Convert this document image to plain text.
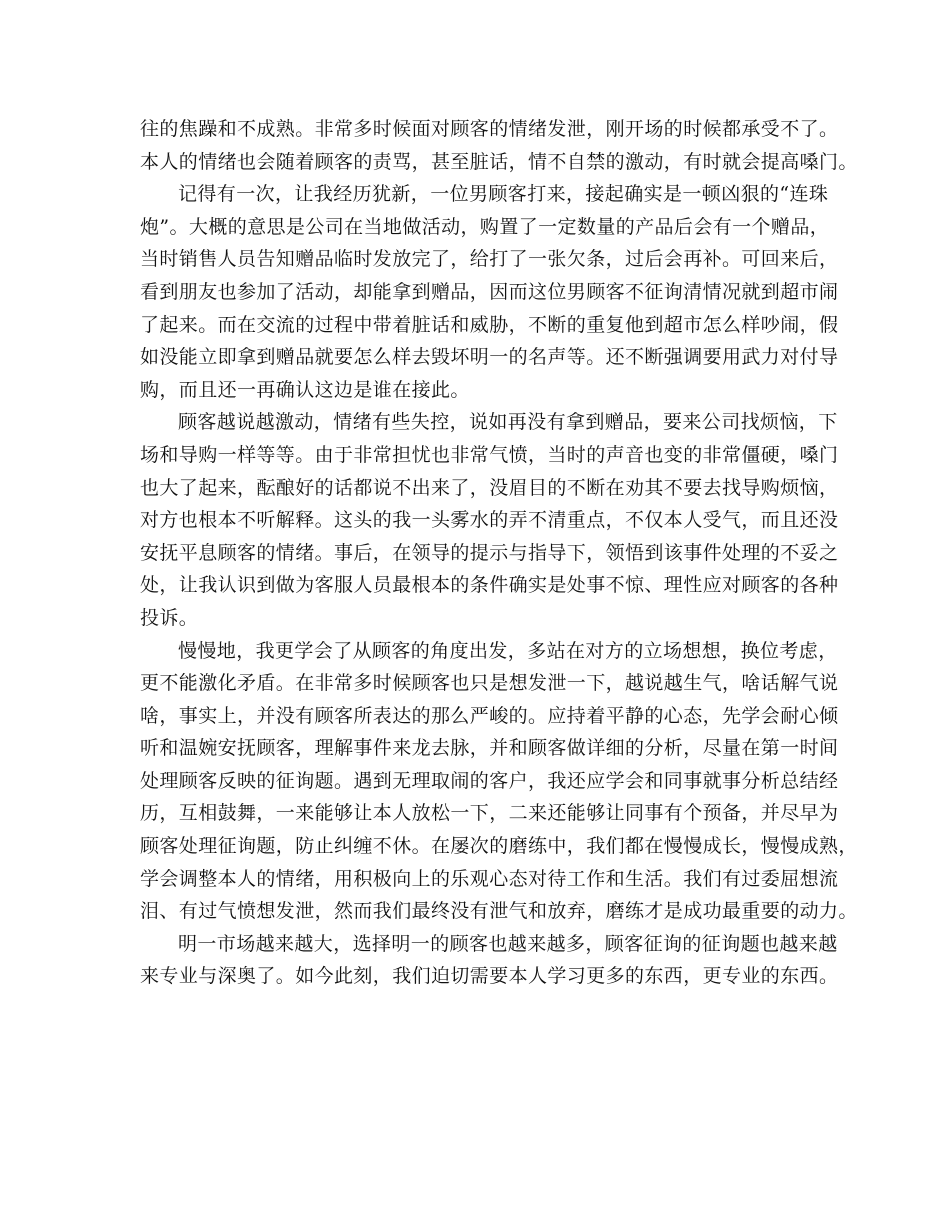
往的焦躁和不成熟。非常多时候面对顾客的情绪发泄，刚开场的时候都承受不了。
本人的情绪也会随着顾客的责骂，甚至脏话，情不自禁的激动，有时就会提高嗓门。
记得有一次，让我经历犹新，一位男顾客打来，接起确实是一顿凶狠的“连珠
炮”。大概的意思是公司在当地做活动，购置了一定数量的产品后会有一个赠品，
当时销售人员告知赠品临时发放完了，给打了一张欠条，过后会再补。可回来后，
看到朋友也参加了活动，却能拿到赠品，因而这位男顾客不征询清情况就到超市闹
了起来。而在交流的过程中带着脏话和威胁，不断的重复他到超市怎么样吵闹，假
如没能立即拿到赠品就要怎么样去毁坏明一的名声等。还不断强调要用武力对付导
购，而且还一再确认这边是谁在接此。
顾客越说越激动，情绪有些失控，说如再没有拿到赠品，要来公司找烦恼，下
场和导购一样等等。由于非常担忧也非常气愤，当时的声音也变的非常僵硬，嗓门
也大了起来，酝酿好的话都说不出来了，没眉目的不断在劝其不要去找导购烦恼，
对方也根本不听解释。这头的我一头雾水的弄不清重点，不仅本人受气，而且还没
安抚平息顾客的情绪。事后，在领导的提示与指导下，领悟到该事件处理的不妥之
处，让我认识到做为客服人员最根本的条件确实是处事不惊、理性应对顾客的各种
投诉。
慢慢地，我更学会了从顾客的角度出发，多站在对方的立场想想，换位考虑，
更不能激化矛盾。在非常多时候顾客也只是想发泄一下，越说越生气，啥话解气说
啥，事实上，并没有顾客所表达的那么严峻的。应持着平静的心态，先学会耐心倾
听和温婉安抚顾客，理解事件来龙去脉，并和顾客做详细的分析，尽量在第一时间
处理顾客反映的征询题。遇到无理取闹的客户，我还应学会和同事就事分析总结经
历，互相鼓舞，一来能够让本人放松一下，二来还能够让同事有个预备，并尽早为
顾客处理征询题，防止纠缠不休。在屡次的磨练中，我们都在慢慢成长，慢慢成熟，
学会调整本人的情绪，用积极向上的乐观心态对待工作和生活。我们有过委屈想流
泪、有过气愤想发泄，然而我们最终没有泄气和放弃，磨练才是成功最重要的动力。
明一市场越来越大，选择明一的顾客也越来越多，顾客征询的征询题也越来越
来专业与深奥了。如今此刻，我们迫切需要本人学习更多的东西，更专业的东西。
